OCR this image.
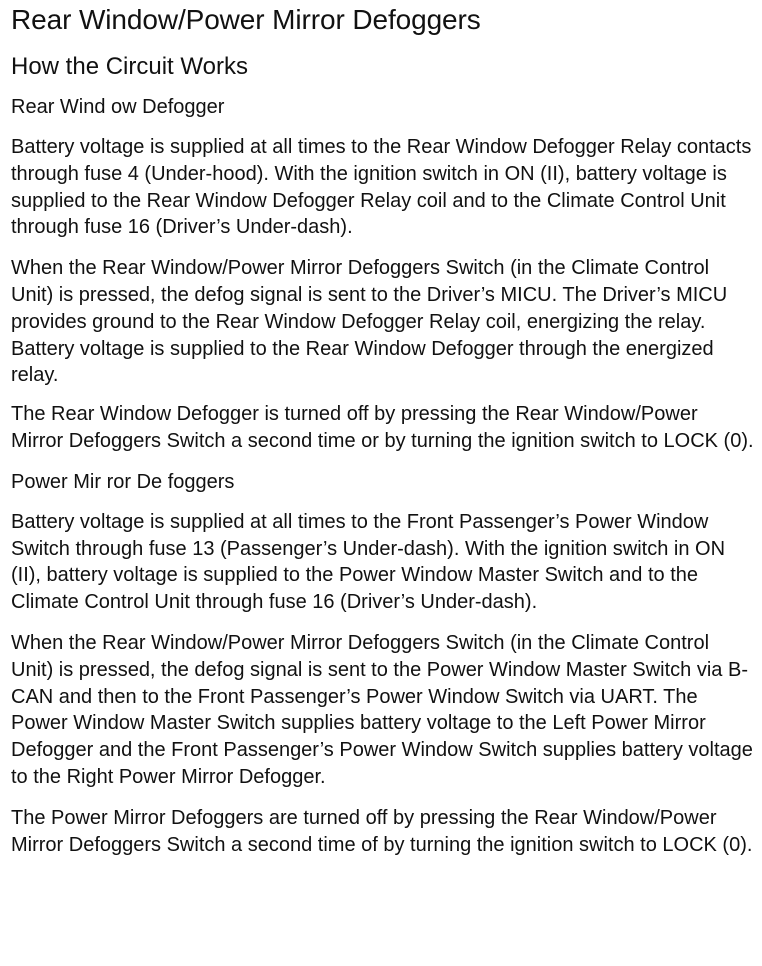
Rear Window/Power Mirror Defoggers
How the Circuit Works
Rear Wind ow Defogger

Battery voltage is supplied at all times to the Rear Window Defogger Relay contacts through fuse 4 (Under-hood). With the ignition switch in ON (II), battery voltage is supplied to the Rear Window Defogger Relay coil and to the Climate Control Unit through fuse 16 (Driver’s Under-dash).

When the Rear Window/Power Mirror Defoggers Switch (in the Climate Control Unit) is pressed, the defog signal is sent to the Driver’s MICU. The Driver’s MICU provides ground to the Rear Window Defogger Relay coil, energizing the relay. Battery voltage is supplied to the Rear Window Defogger through the energized relay.

The Rear Window Defogger is turned off by pressing the Rear Window/Power Mirror Defoggers Switch a second time or by turning the ignition switch to LOCK (0).

Power Mir ror De foggers

Battery voltage is supplied at all times to the Front Passenger’s Power Window Switch through fuse 13 (Passenger’s Under-dash). With the ignition switch in ON (II), battery voltage is supplied to the Power Window Master Switch and to the Climate Control Unit through fuse 16 (Driver’s Under-dash).

When the Rear Window/Power Mirror Defoggers Switch (in the Climate Control Unit) is pressed, the defog signal is sent to the Power Window Master Switch via B-CAN and then to the Front Passenger’s Power Window Switch via UART. The Power Window Master Switch supplies battery voltage to the Left Power Mirror Defogger and the Front Passenger’s Power Window Switch supplies battery voltage to the Right Power Mirror Defogger.

The Power Mirror Defoggers are turned off by pressing the Rear Window/Power Mirror Defoggers Switch a second time of by turning the ignition switch to LOCK (0).
